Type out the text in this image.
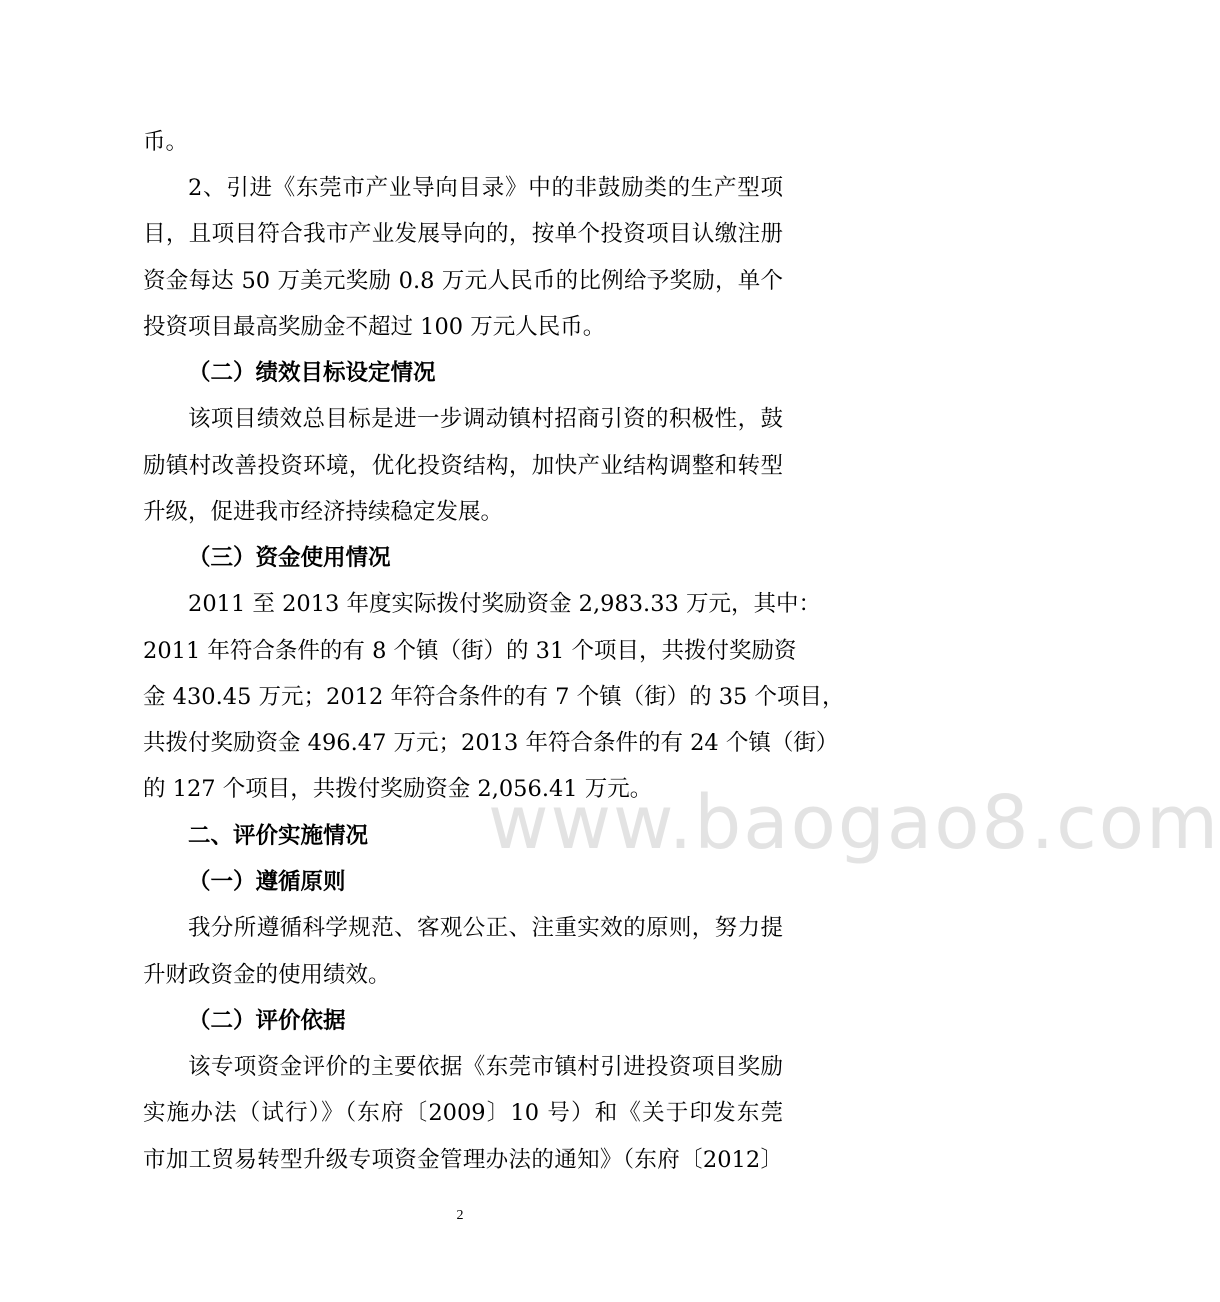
币。
2、引进《东莞市产业导向目录》中的非鼓励类的生产型项
目，且项目符合我市产业发展导向的，按单个投资项目认缴注册
资金每达 50 万美元奖励 0.8 万元人民币的比例给予奖励，单个
投资项目最高奖励金不超过 100 万元人民币。
（二）绩效目标设定情况
该项目绩效总目标是进一步调动镇村招商引资的积极性，鼓
励镇村改善投资环境，优化投资结构，加快产业结构调整和转型
升级，促进我市经济持续稳定发展。
（三）资金使用情况
2011 至 2013 年度实际拨付奖励资金 2,983.33 万元，其中：
2011 年符合条件的有 8 个镇（街）的 31 个项目，共拨付奖励资
金 430.45 万元；2012 年符合条件的有 7 个镇（街）的 35 个项目，
共拨付奖励资金 496.47 万元；2013 年符合条件的有 24 个镇（街）
的 127 个项目，共拨付奖励资金 2,056.41 万元。
二、评价实施情况
（一）遵循原则
我分所遵循科学规范、客观公正、注重实效的原则，努力提
升财政资金的使用绩效。
（二）评价依据
该专项资金评价的主要依据《东莞市镇村引进投资项目奖励
实施办法（试行）》（东府〔2009〕10 号）和《关于印发东莞
市加工贸易转型升级专项资金管理办法的通知》（东府〔2012〕
www.baogao8.com
2
